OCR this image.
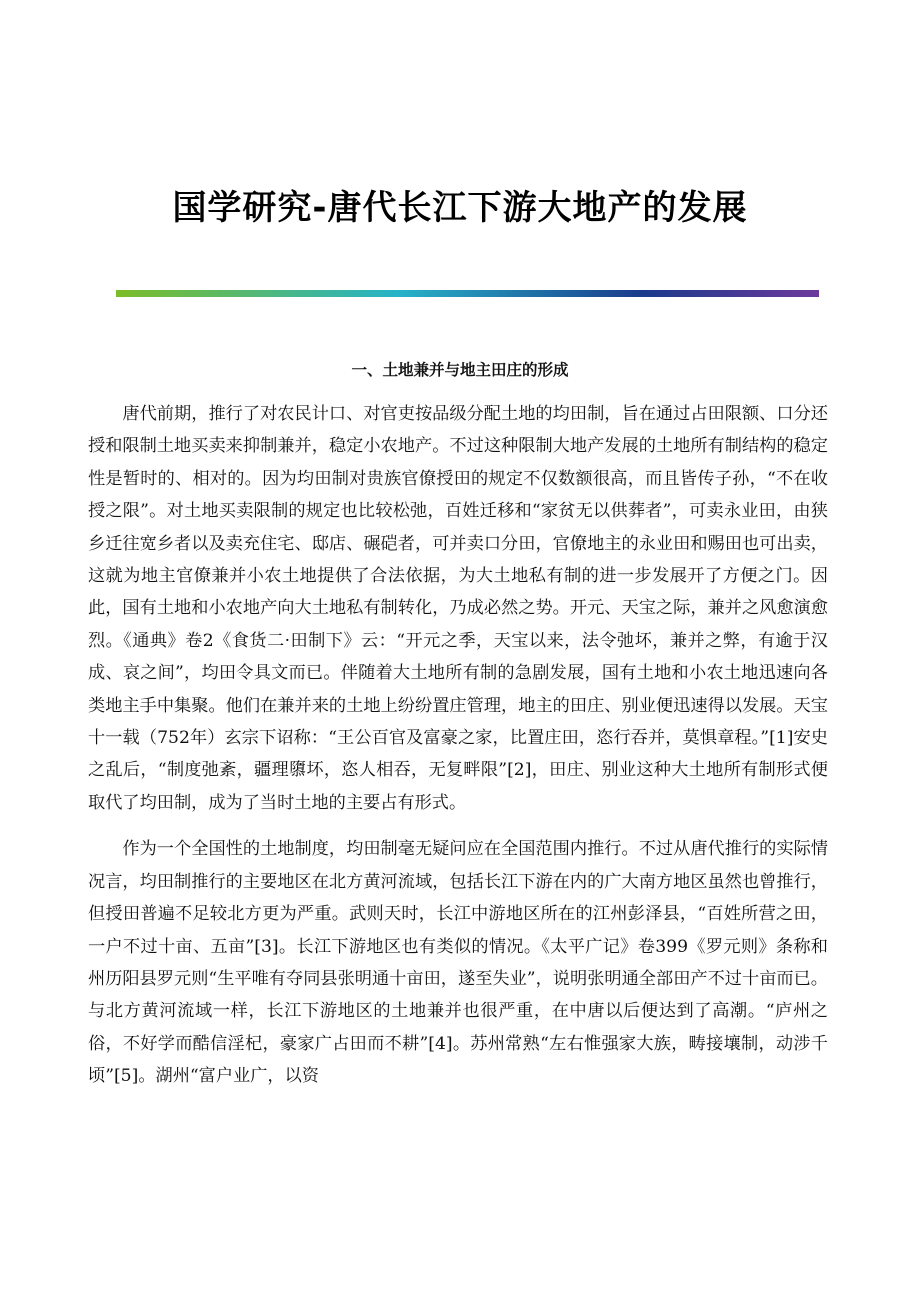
国学研究-唐代长江下游大地产的发展
一、土地兼并与地主田庄的形成

唐代前期，推行了对农民计口、对官吏按品级分配土地的均田制，旨在通过占田限额、口分还授和限制土地买卖来抑制兼并，稳定小农地产。不过这种限制大地产发展的土地所有制结构的稳定性是暂时的、相对的。因为均田制对贵族官僚授田的规定不仅数额很高，而且皆传子孙，“不在收授之限”。对土地买卖限制的规定也比较松弛，百姓迁移和“家贫无以供葬者”，可卖永业田，由狭乡迁往宽乡者以及卖充住宅、邸店、碾硙者，可并卖口分田，官僚地主的永业田和赐田也可出卖，这就为地主官僚兼并小农土地提供了合法依据，为大土地私有制的进一步发展开了方便之门。因此，国有土地和小农地产向大土地私有制转化，乃成必然之势。开元、天宝之际，兼并之风愈演愈烈。《通典》卷2《食货二·田制下》云：“开元之季，天宝以来，法令弛坏，兼并之弊，有逾于汉成、哀之间”，均田令具文而已。伴随着大土地所有制的急剧发展，国有土地和小农土地迅速向各类地主手中集聚。他们在兼并来的土地上纷纷置庄管理，地主的田庄、别业便迅速得以发展。天宝十一载（752年）玄宗下诏称：“王公百官及富豪之家，比置庄田，恣行吞并，莫惧章程。”[1]安史之乱后，“制度弛紊，疆理隳坏，恣人相吞，无复畔限”[2]，田庄、别业这种大土地所有制形式便取代了均田制，成为了当时土地的主要占有形式。

作为一个全国性的土地制度，均田制毫无疑问应在全国范围内推行。不过从唐代推行的实际情况言，均田制推行的主要地区在北方黄河流域，包括长江下游在内的广大南方地区虽然也曾推行，但授田普遍不足较北方更为严重。武则天时，长江中游地区所在的江州彭泽县，“百姓所营之田，一户不过十亩、五亩”[3]。长江下游地区也有类似的情况。《太平广记》卷399《罗元则》条称和州历阳县罗元则“生平唯有夺同县张明通十亩田，遂至失业”，说明张明通全部田产不过十亩而已。与北方黄河流域一样，长江下游地区的土地兼并也很严重，在中唐以后便达到了高潮。“庐州之俗，不好学而酷信淫杞，豪家广占田而不耕”[4]。苏州常熟“左右惟强家大族，畴接壤制，动涉千顷”[5]。湖州“富户业广，以资
